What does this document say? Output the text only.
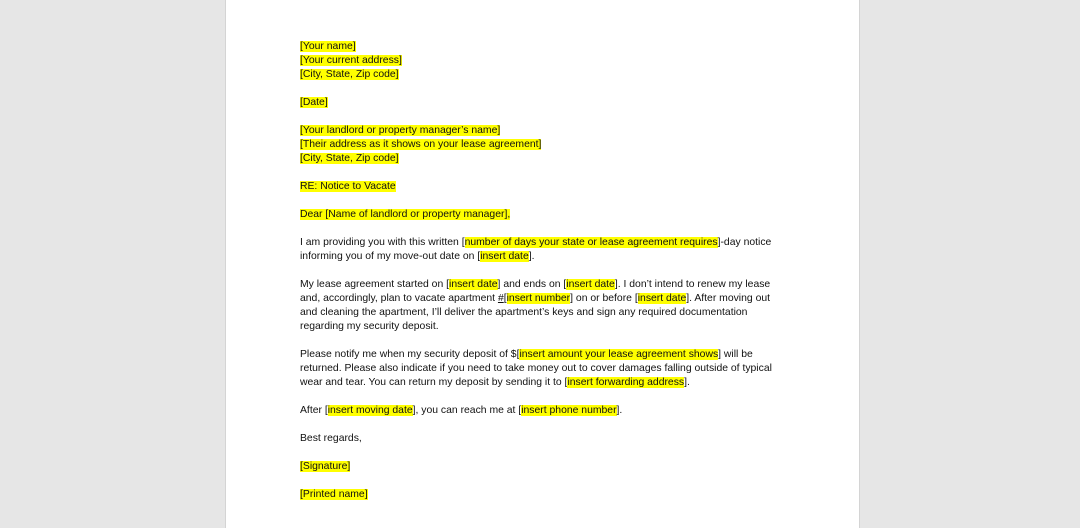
[Your name]
[Your current address]
[City, State, Zip code]
[Date]
[Your landlord or property manager’s name]
[Their address as it shows on your lease agreement]
[City, State, Zip code]
RE: Notice to Vacate
Dear [Name of landlord or property manager],
I am providing you with this written [number of days your state or lease agreement requires]-day notice
informing you of my move-out date on [insert date].
My lease agreement started on [insert date] and ends on [insert date]. I don’t intend to renew my lease
and, accordingly, plan to vacate apartment #[insert number] on or before [insert date]. After moving out
and cleaning the apartment, I’ll deliver the apartment’s keys and sign any required documentation
regarding my security deposit.
Please notify me when my security deposit of $[insert amount your lease agreement shows] will be
returned. Please also indicate if you need to take money out to cover damages falling outside of typical
wear and tear. You can return my deposit by sending it to [insert forwarding address].
After [insert moving date], you can reach me at [insert phone number].
Best regards,
[Signature]
[Printed name]
